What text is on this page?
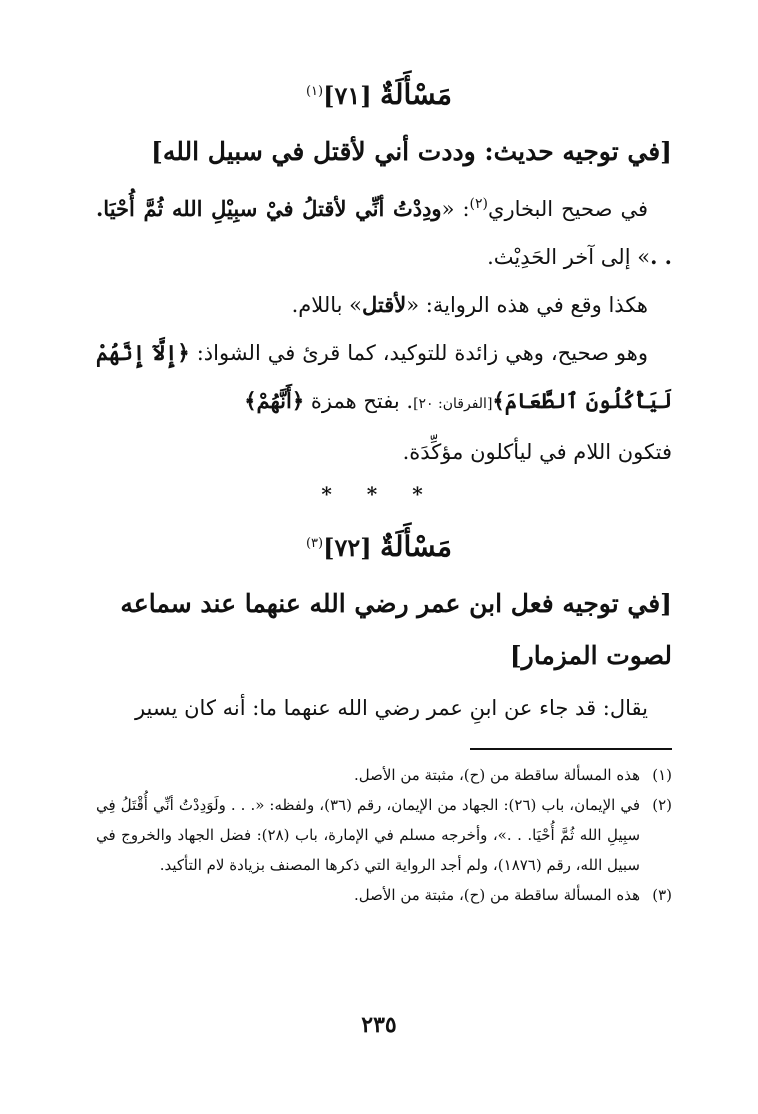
مَسْأَلَةٌ [٧١]$^{(١)}$
[في توجيه حديث: وددت أني لأقتل في سبيل الله]

في صحيح البخاري$^{(٢)}$: «ودِدْتُ أنِّي لأقتلُ فيْ سبِيْلِ الله ثُمَّ أُحْيَا. . .» إلى آخر الحَدِيْث.

هكذا وقع في هذه الرواية: «لأقتل» باللام.

وهو صحيح، وهي زائدة للتوكيد، كما قرئ في الشواذ: ﴿إِلَّآ إِنَّهُمْ لَيَأْكُلُونَ ٱلطَّعَامَ﴾[الفرقان: ٢٠]. بفتح همزة ﴿أَنَّهُمْ﴾

فتكون اللام في ليأكلون مؤكِّدَة.

* * *
مَسْأَلَةٌ [٧٢]$^{(٣)}$
[في توجيه فعل ابن عمر رضي الله عنهما عند سماعه لصوت المزمار]

يقال: قد جاء عن ابنِ عمر رضي الله عنهما ما: أنه كان يسير

(١)
هذه المسألة ساقطة من (ح)، مثبتة من الأصل.
(٢)
في الإيمان، باب (٢٦): الجهاد من الإيمان، رقم (٣٦)، ولفظه: «. . . ولَوَدِدْتُ أنِّي أُقْتَلُ فِي سبِيلِ الله ثُمَّ أُحْيَا. . .»، وأخرجه مسلم في الإمارة، باب (٢٨): فضل الجهاد والخروج في سبيل الله، رقم (١٨٧٦)، ولم أجد الرواية التي ذكرها المصنف بزيادة لام التأكيد.
(٣)
هذه المسألة ساقطة من (ح)، مثبتة من الأصل.
٢٣٥
